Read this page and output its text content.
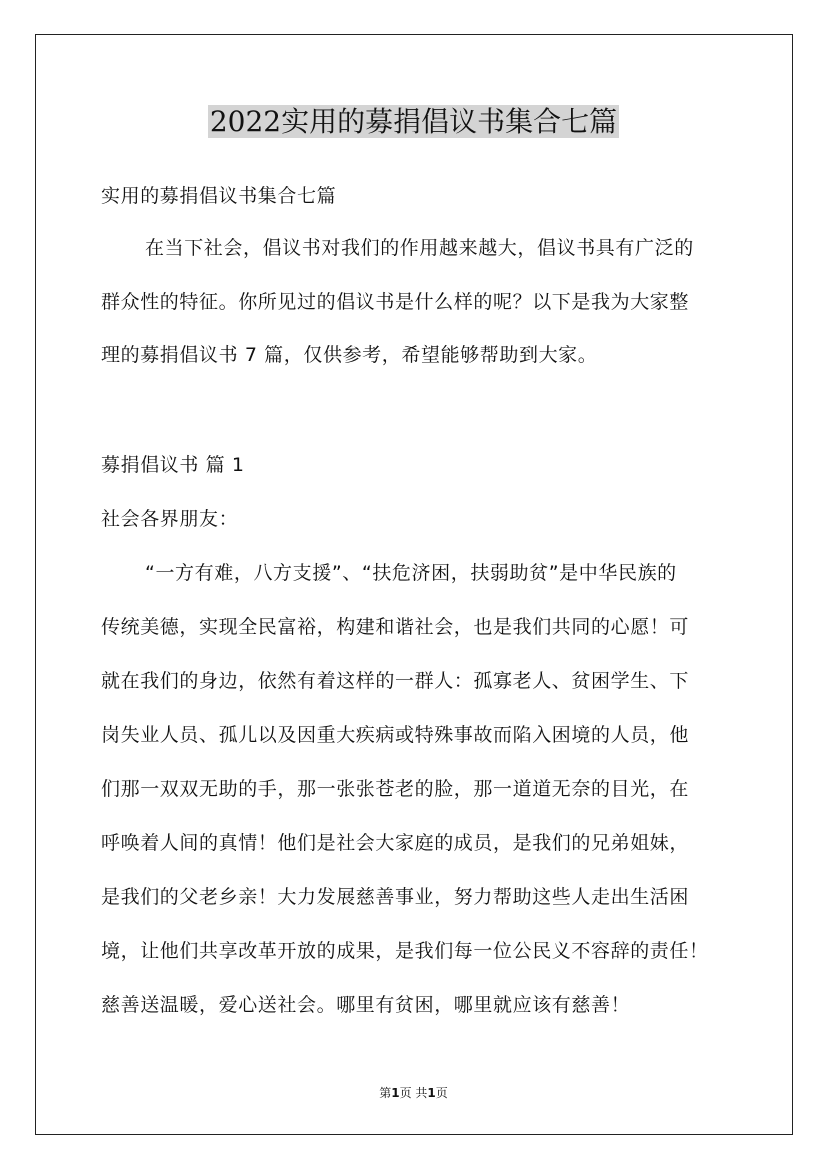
2022实用的募捐倡议书集合七篇
实用的募捐倡议书集合七篇
在当下社会，倡议书对我们的作用越来越大，倡议书具有广泛的
群众性的特征。你所见过的倡议书是什么样的呢？以下是我为大家整
理的募捐倡议书 7 篇，仅供参考，希望能够帮助到大家。
募捐倡议书 篇 1
社会各界朋友：
“一方有难，八方支援”、“扶危济困，扶弱助贫”是中华民族的
传统美德，实现全民富裕，构建和谐社会，也是我们共同的心愿！可
就在我们的身边，依然有着这样的一群人：孤寡老人、贫困学生、下
岗失业人员、孤儿以及因重大疾病或特殊事故而陷入困境的人员，他
们那一双双无助的手，那一张张苍老的脸，那一道道无奈的目光，在
呼唤着人间的真情！他们是社会大家庭的成员，是我们的兄弟姐妹，
是我们的父老乡亲！大力发展慈善事业，努力帮助这些人走出生活困
境，让他们共享改革开放的成果，是我们每一位公民义不容辞的责任！
慈善送温暖，爱心送社会。哪里有贫困，哪里就应该有慈善！
第1页 共1页
